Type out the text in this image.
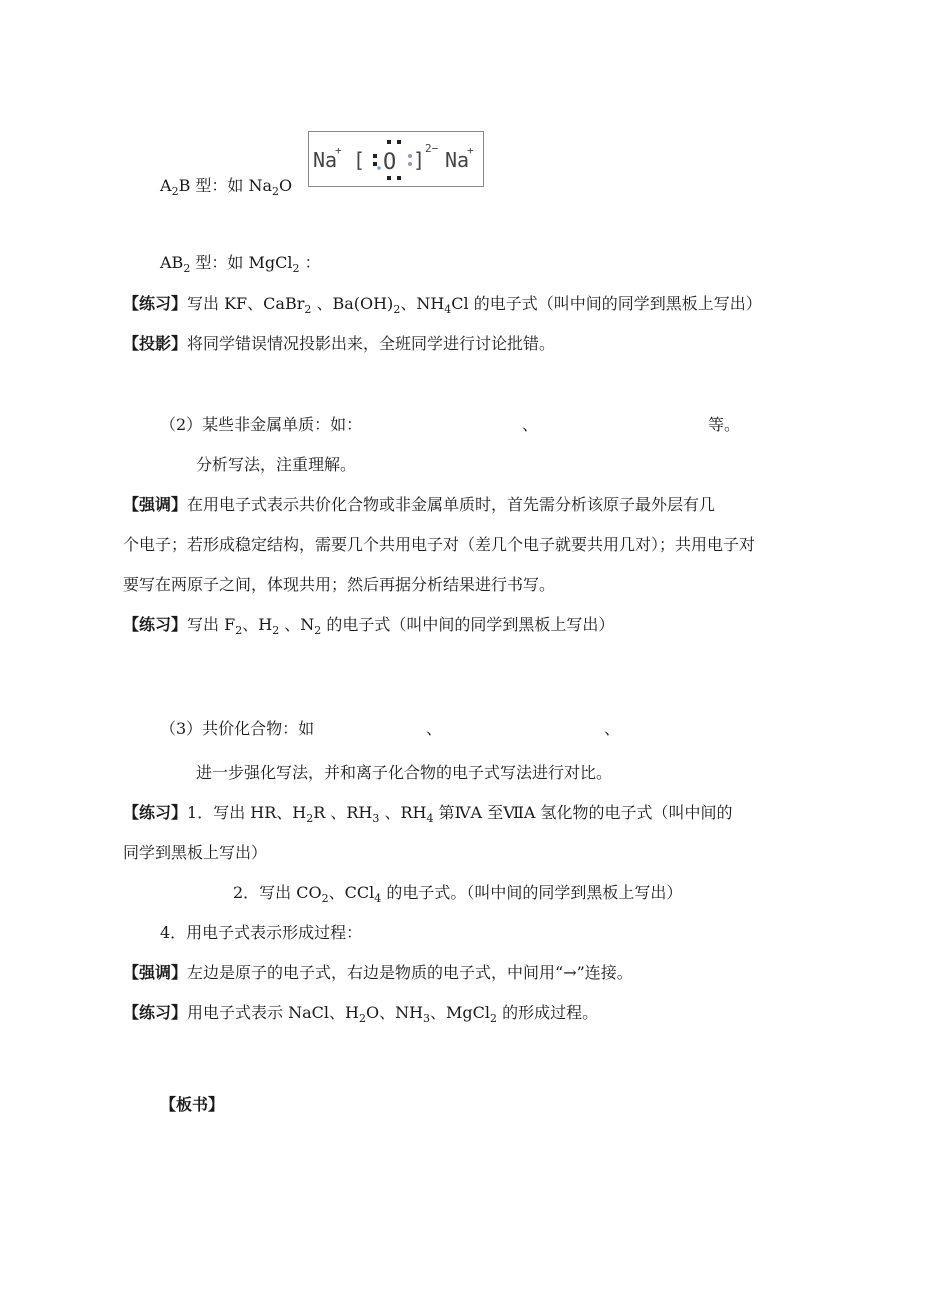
$A_2B$ 型：如 $Na_2O$
Na
+ [ O ] 2− Na
+
$AB_2$ 型：如 MgCl$_2$ ：
【练习】写出 KF、CaBr$_2$ 、$Ba(OH)_2$、$NH_4Cl$ 的电子式（叫中间的同学到黑板上写出）
【投影】将同学错误情况投影出来，全班同学进行讨论批错。
（2）某些非金属单质：如：	、	等。
分析写法，注重理解。
【强调】在用电子式表示共价化合物或非金属单质时，首先需分析该原子最外层有几
个电子；若形成稳定结构，需要几个共用电子对（差几个电子就要共用几对）；共用电子对
要写在两原子之间，体现共用；然后再据分析结果进行书写。
【练习】写出 $F_2$、$H_2$ 、$N_2$ 的电子式（叫中间的同学到黑板上写出）
（3）共价化合物：如	、	、
进一步强化写法，并和离子化合物的电子式写法进行对比。
【练习】1．写出 HR、$H_2R$ 、$RH_3$ 、$RH_4$ 第ⅣA 至ⅦA 氢化物的电子式（叫中间的
同学到黑板上写出）
2．写出 $CO_2$、CCl$_4$ 的电子式。（叫中间的同学到黑板上写出）
4．用电子式表示形成过程：
【强调】左边是原子的电子式，右边是物质的电子式，中间用“→”连接。
【练习】用电子式表示 NaCl、$H_2O$、$NH_3$、MgCl$_2$ 的形成过程。
【板书】
